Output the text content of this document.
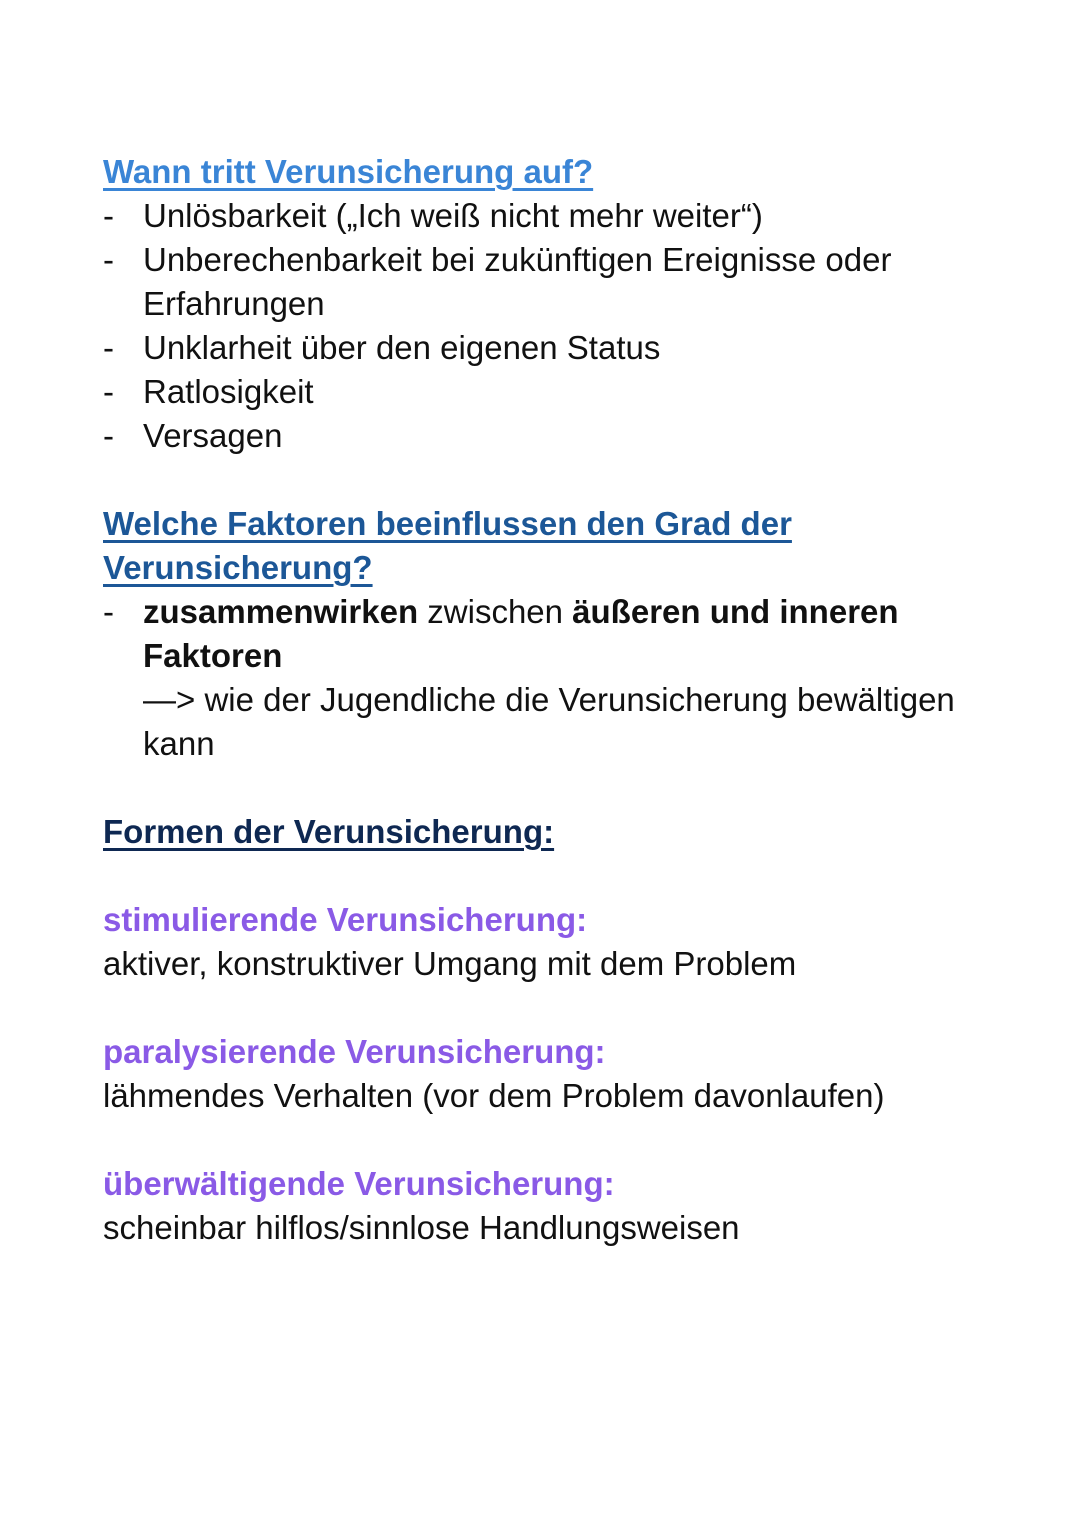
Wann tritt Verunsicherung auf?
- Unlösbarkeit („Ich weiß nicht mehr weiter“)
- Unberechenbarkeit bei zukünftigen Ereignisse oder Erfahrungen
- Unklarheit über den eigenen Status
- Ratlosigkeit
- Versagen
Welche Faktoren beeinflussen den Grad der Verunsicherung?
- zusammenwirken zwischen äußeren und inneren Faktoren
—> wie der Jugendliche die Verunsicherung bewältigen kann
Formen der Verunsicherung:
stimulierende Verunsicherung:
aktiver, konstruktiver Umgang mit dem Problem
paralysierende Verunsicherung:
lähmendes Verhalten (vor dem Problem davonlaufen)
überwältigende Verunsicherung:
scheinbar hilflos/sinnlose Handlungsweisen
